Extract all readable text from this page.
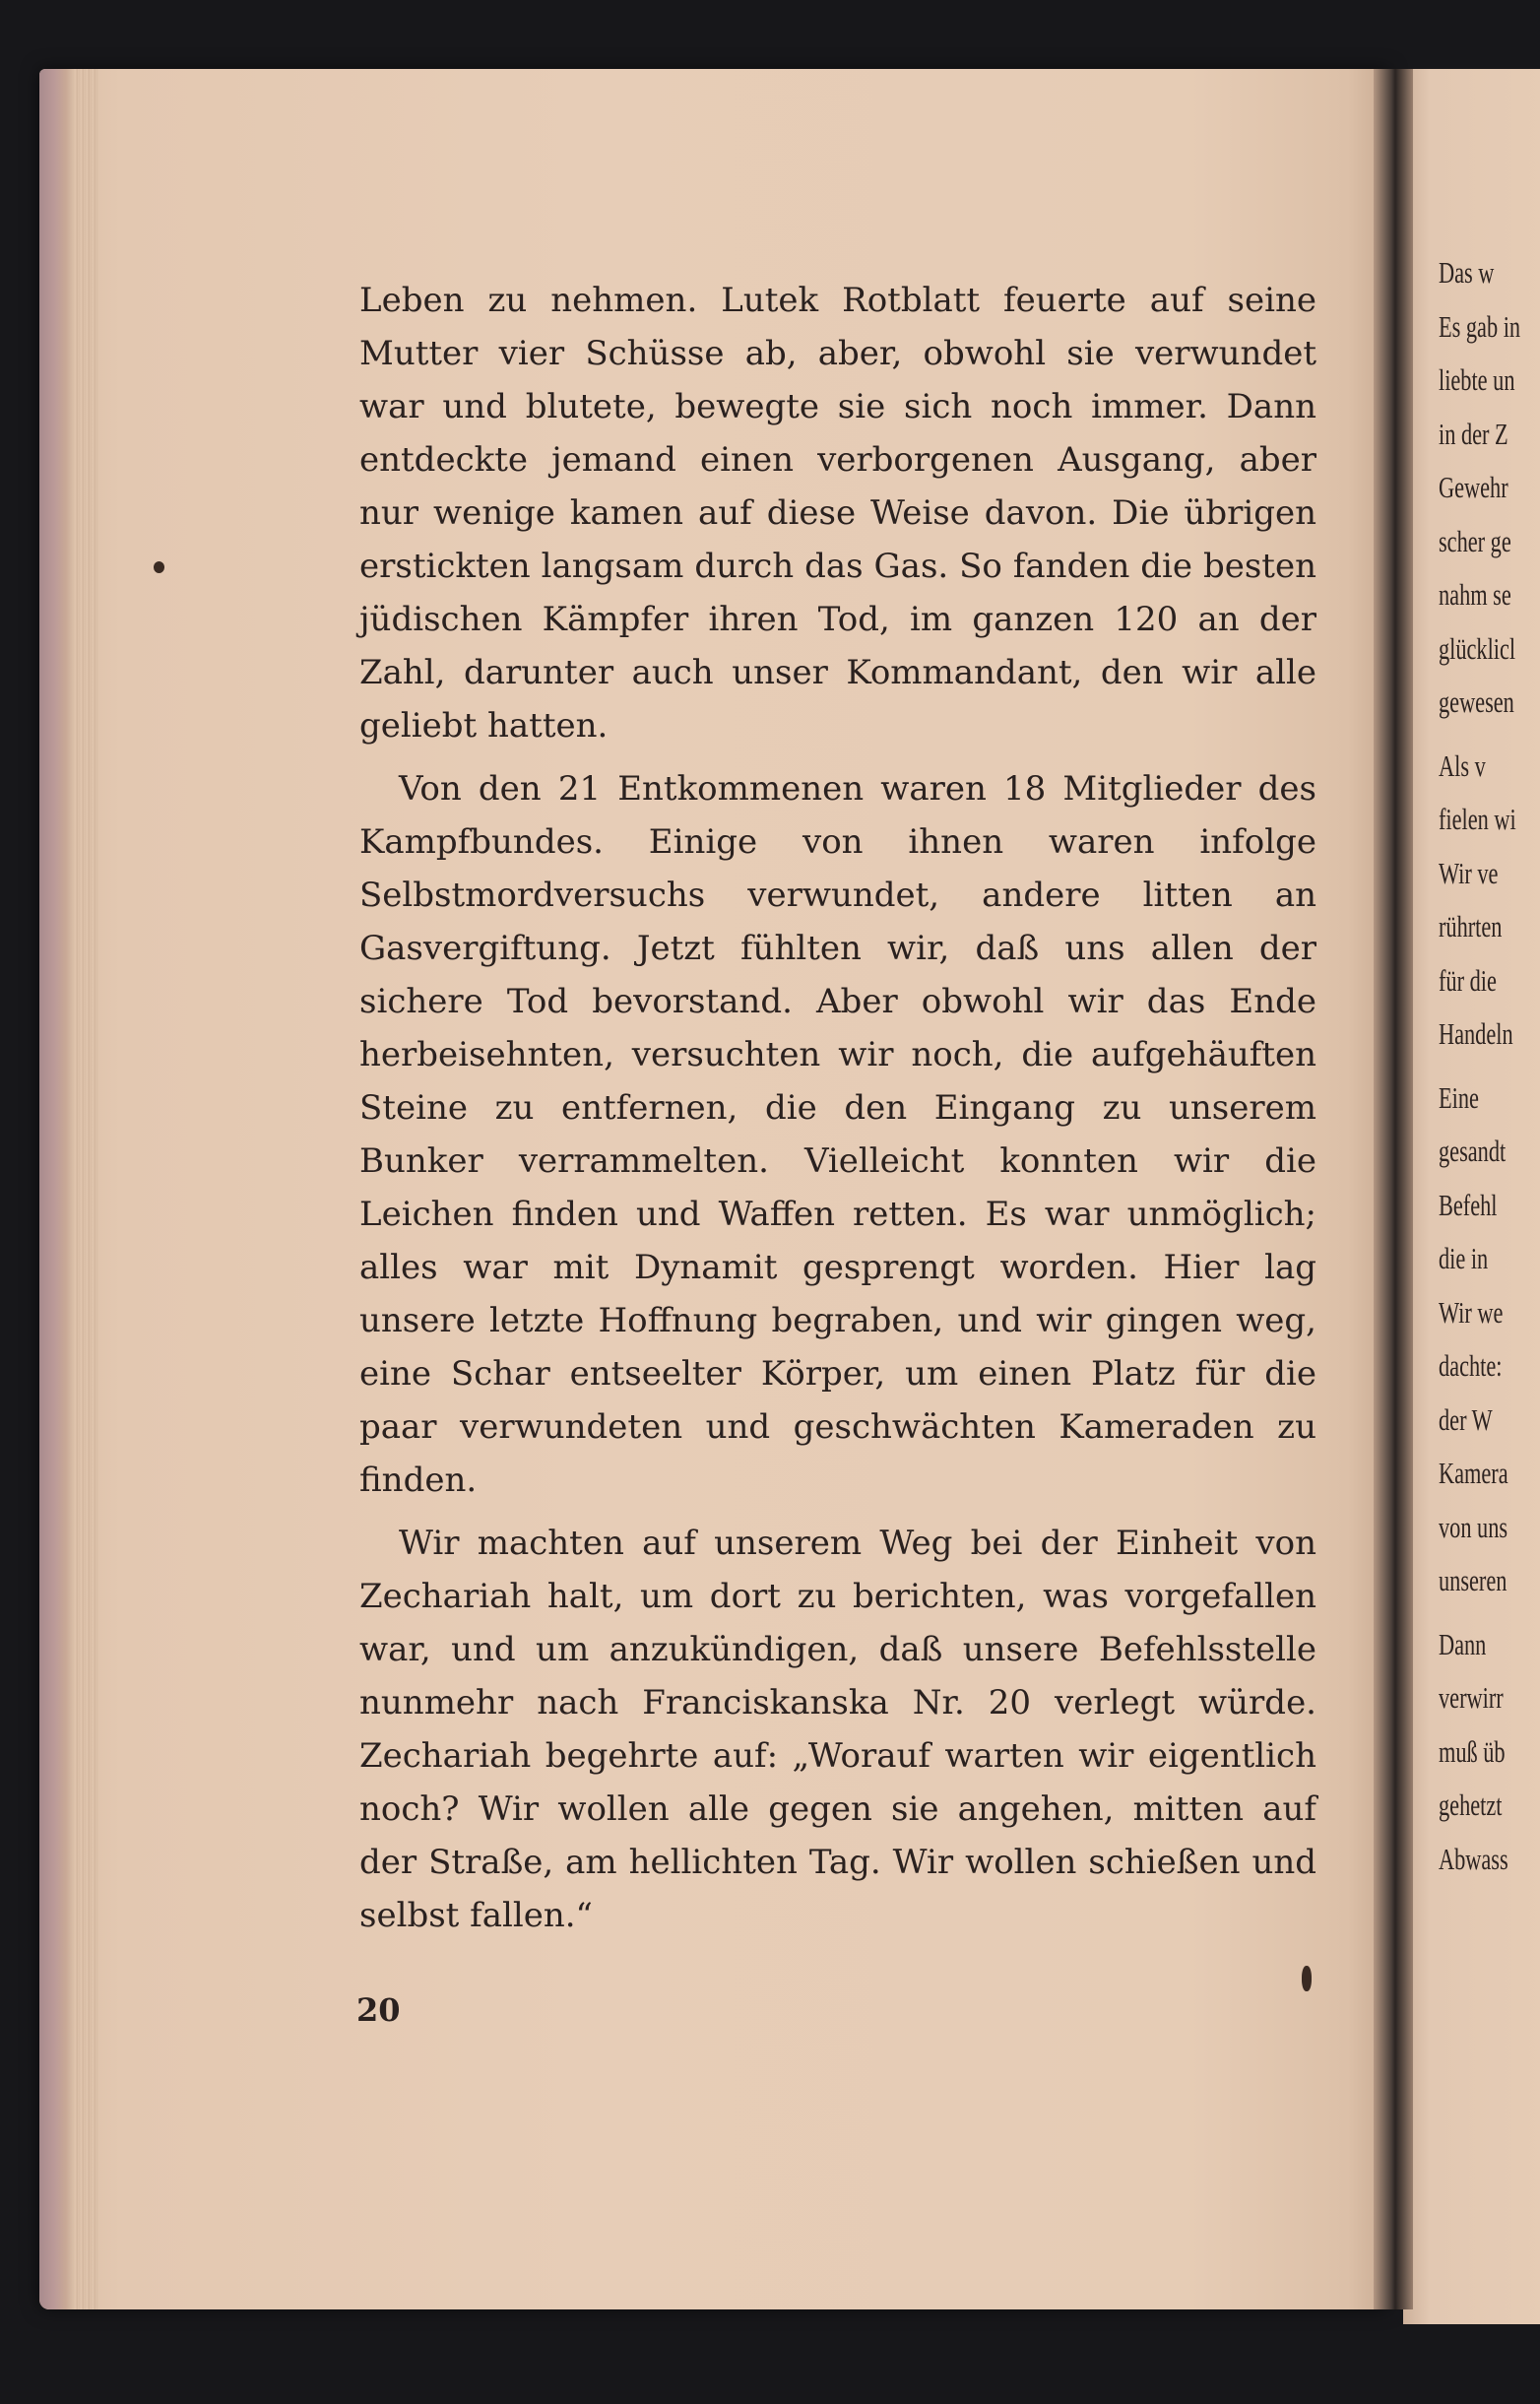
Das w
Es gab in
liebte un
in der Z
Gewehr
scher ge
nahm se
glücklicl
gewesen
Als v
fielen wi
Wir ve
rührten
für die
Handeln
Eine
gesandt
Befehl
die in
Wir we
dachte:
der W
Kamera
von uns
unseren
Dann
verwirr
muß üb
gehetzt
Abwass

Leben zu nehmen. Lutek Rotblatt feuerte auf seine Mutter vier Schüsse ab, aber, obwohl sie verwundet war und blutete, bewegte sie sich noch immer. Dann entdeckte jemand einen verborgenen Ausgang, aber nur wenige kamen auf diese Weise davon. Die übrigen erstickten langsam durch das Gas. So fanden die besten jüdischen Kämpfer ihren Tod, im ganzen 120 an der Zahl, darunter auch unser Kommandant, den wir alle geliebt hatten.

Von den 21 Entkommenen waren 18 Mitglieder des Kampfbundes. Einige von ihnen waren infolge Selbstmordversuchs verwundet, andere litten an Gasvergiftung. Jetzt fühlten wir, daß uns allen der sichere Tod bevorstand. Aber obwohl wir das Ende herbeisehnten, versuchten wir noch, die aufgehäuften Steine zu entfernen, die den Eingang zu unserem Bunker verrammelten. Vielleicht konnten wir die Leichen finden und Waffen retten. Es war unmöglich; alles war mit Dynamit gesprengt worden. Hier lag unsere letzte Hoffnung begraben, und wir gingen weg, eine Schar entseelter Körper, um einen Platz für die paar verwundeten und geschwächten Kameraden zu finden.

Wir machten auf unserem Weg bei der Einheit von Zechariah halt, um dort zu berichten, was vorgefallen war, und um anzukündigen, daß unsere Befehlsstelle nunmehr nach Franciskanska Nr. 20 verlegt würde. Zechariah begehrte auf: „Worauf warten wir eigentlich noch? Wir wollen alle gegen sie angehen, mitten auf der Straße, am hellichten Tag. Wir wollen schießen und selbst fallen.“

20
